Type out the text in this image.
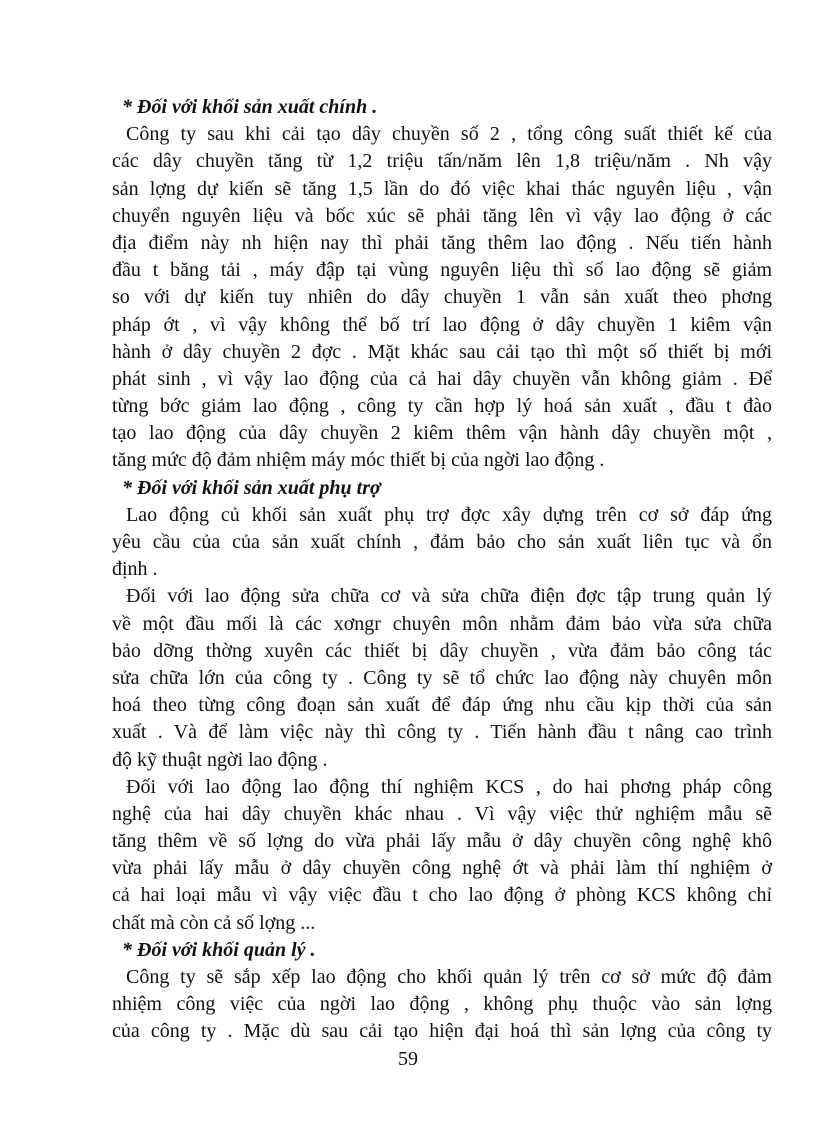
* Đối với khối sản xuất chính .
Công ty sau khi cải tạo dây chuyền số 2 , tổng công suất thiết kế của
các dây chuyền tăng từ 1,2 triệu tấn/năm lên 1,8 triệu/năm . Nh vậy
sản lợng dự kiến sẽ tăng 1,5 lần do đó việc khai thác nguyên liệu , vận
chuyển nguyên liệu và bốc xúc sẽ phải tăng lên vì vậy lao động ở các
địa điểm này nh hiện nay thì phải tăng thêm lao động . Nếu tiến hành
đầu t băng tải , máy đập tại vùng nguyên liệu thì số lao động sẽ giảm
so với dự kiến tuy nhiên do dây chuyền 1 vẫn sản xuất theo phơng
pháp ớt , vì vậy không thể bố trí lao động ở dây chuyền 1 kiêm vận
hành ở dây chuyền 2 đợc . Mặt khác sau cải tạo thì một số thiết bị mới
phát sinh , vì vậy lao động của cả hai dây chuyền vẫn không giảm . Để
từng bớc giảm lao động , công ty cần hợp lý hoá sản xuất , đầu t đào
tạo lao động của dây chuyền 2 kiêm thêm vận hành dây chuyền một ,
tăng mức độ đảm nhiệm máy móc thiết bị của ngời lao động .
* Đối với khối sản xuất phụ trợ
Lao động củ khối sản xuất phụ trợ đợc xây dựng trên cơ sở đáp ứng
yêu cầu của của sản xuất chính , đảm bảo cho sản xuất liên tục và ổn
định .
Đối với lao động sửa chữa cơ và sửa chữa điện đợc tập trung quản lý
về một đầu mối là các xơngr chuyên môn nhằm đảm bảo vừa sửa chữa
bảo dỡng thờng xuyên các thiết bị dây chuyền , vừa đảm bảo công tác
sửa chữa lớn của công ty . Công ty sẽ tổ chức lao động này chuyên môn
hoá theo từng công đoạn sản xuất để đáp ứng nhu cầu kịp thời của sản
xuất . Và để làm việc này thì công ty . Tiến hành đầu t nâng cao trình
độ kỹ thuật ngời lao động .
Đối với lao động lao động thí nghiệm KCS , do hai phơng pháp công
nghệ của hai dây chuyền khác nhau . Vì vậy việc thử nghiệm mẫu sẽ
tăng thêm về số lợng do vừa phải lấy mẫu ở dây chuyền công nghệ khô
vừa phải lấy mẫu ở dây chuyền công nghệ ớt và phải làm thí nghiệm ở
cả hai loại mẫu vì vậy việc đầu t cho lao động ở phòng KCS không chỉ
chất mà còn cả số lợng ...
* Đối với khối quản lý .
Công ty sẽ sắp xếp lao động cho khối quản lý trên cơ sở mức độ đảm
nhiệm công việc của ngời lao động , không phụ thuộc vào sản lợng
của công ty . Mặc dù sau cải tạo hiện đại hoá thì sản lợng của công ty
59
